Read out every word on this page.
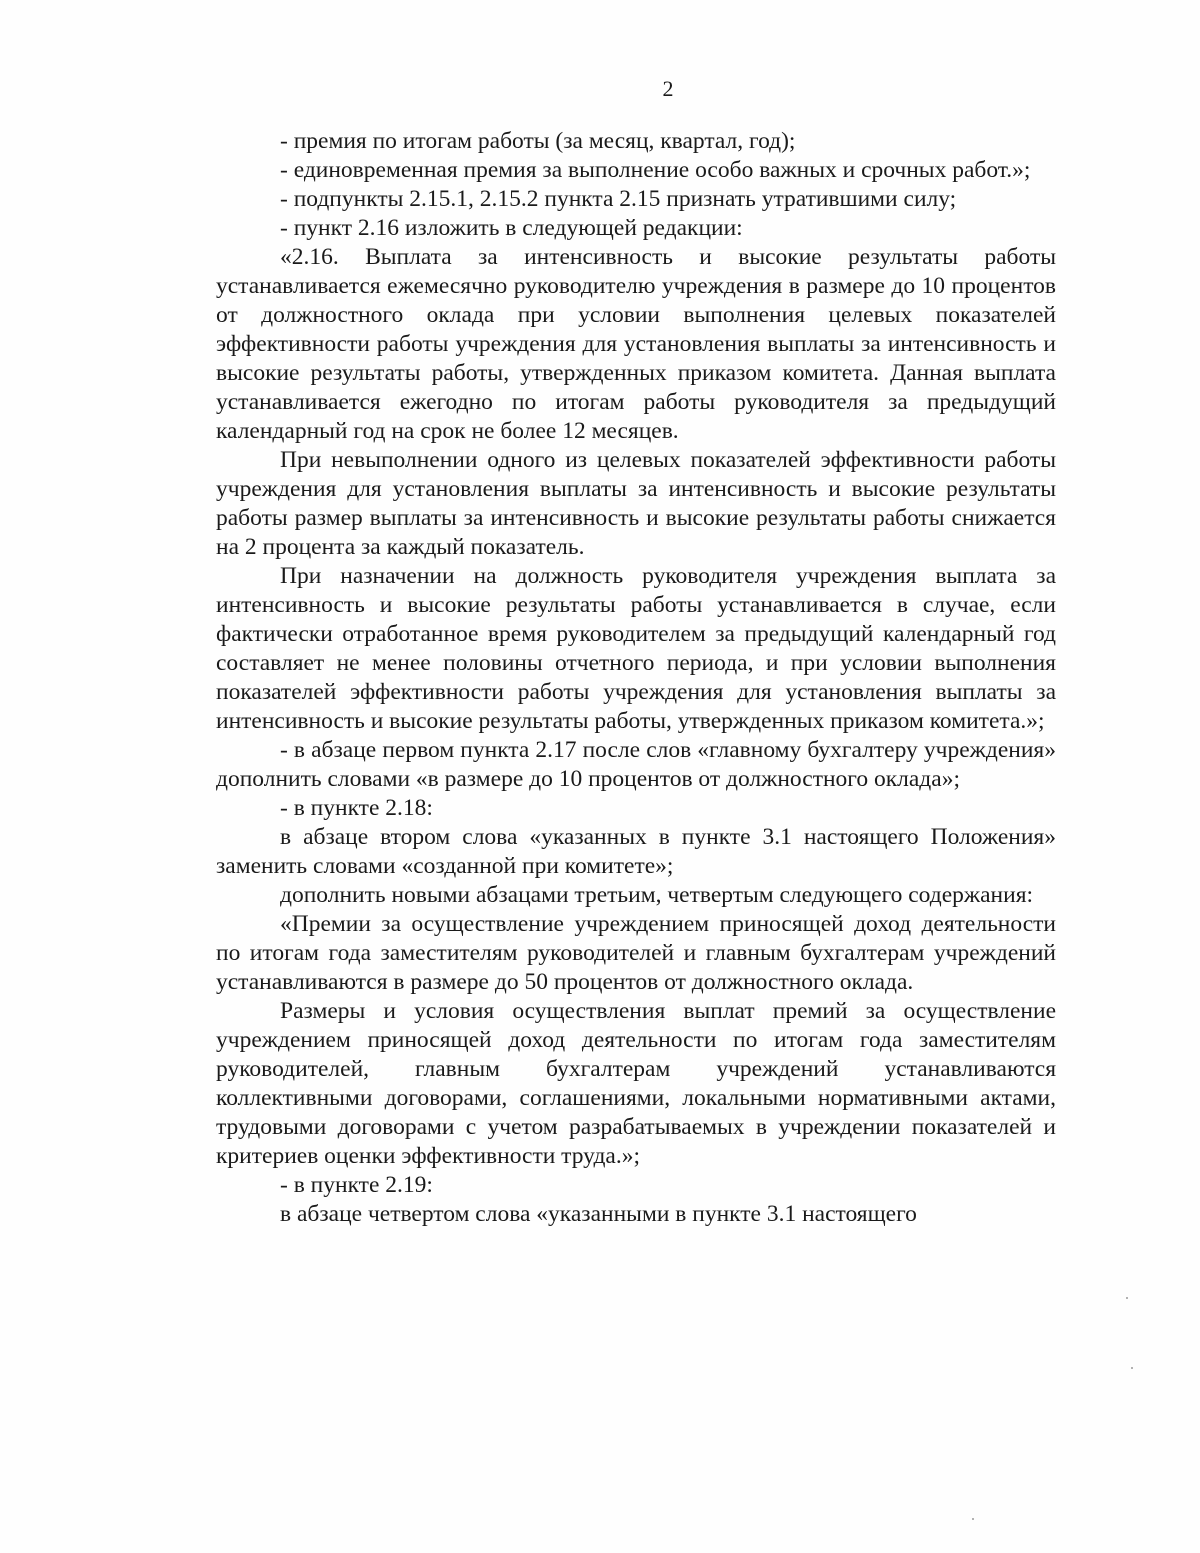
2

- премия по итогам работы (за месяц, квартал, год);

- единовременная премия за выполнение особо важных и срочных работ.»;

- подпункты 2.15.1, 2.15.2 пункта 2.15 признать утратившими силу;

- пункт 2.16 изложить в следующей редакции:

«2.16. Выплата за интенсивность и высокие результаты работы устанавливается ежемесячно руководителю учреждения в размере до 10 процентов от должностного оклада при условии выполнения целевых показателей эффективности работы учреждения для установления выплаты за интенсивность и высокие результаты работы, утвержденных приказом комитета. Данная выплата устанавливается ежегодно по итогам работы руководителя за предыдущий календарный год на срок не более 12 месяцев.

При невыполнении одного из целевых показателей эффективности работы учреждения для установления выплаты за интенсивность и высокие результаты работы размер выплаты за интенсивность и высокие результаты работы снижается на 2 процента за каждый показатель.

При назначении на должность руководителя учреждения выплата за интенсивность и высокие результаты работы устанавливается в случае, если фактически отработанное время руководителем за предыдущий календарный год составляет не менее половины отчетного периода, и при условии выполнения показателей эффективности работы учреждения для установления выплаты за интенсивность и высокие результаты работы, утвержденных приказом комитета.»;

- в абзаце первом пункта 2.17 после слов «главному бухгалтеру учреждения» дополнить словами «в размере до 10 процентов от должностного оклада»;

- в пункте 2.18:

в абзаце втором слова «указанных в пункте 3.1 настоящего Положения» заменить словами «созданной при комитете»;

дополнить новыми абзацами третьим, четвертым следующего содержания:

«Премии за осуществление учреждением приносящей доход деятельности по итогам года заместителям руководителей и главным бухгалтерам учреждений устанавливаются в размере до 50 процентов от должностного оклада.

Размеры и условия осуществления выплат премий за осуществление учреждением приносящей доход деятельности по итогам года заместителям руководителей, главным бухгалтерам учреждений устанавливаются коллективными договорами, соглашениями, локальными нормативными актами, трудовыми договорами с учетом разрабатываемых в учреждении показателей и критериев оценки эффективности труда.»;

- в пункте 2.19:

в абзаце четвертом слова «указанными в пункте 3.1 настоящего
